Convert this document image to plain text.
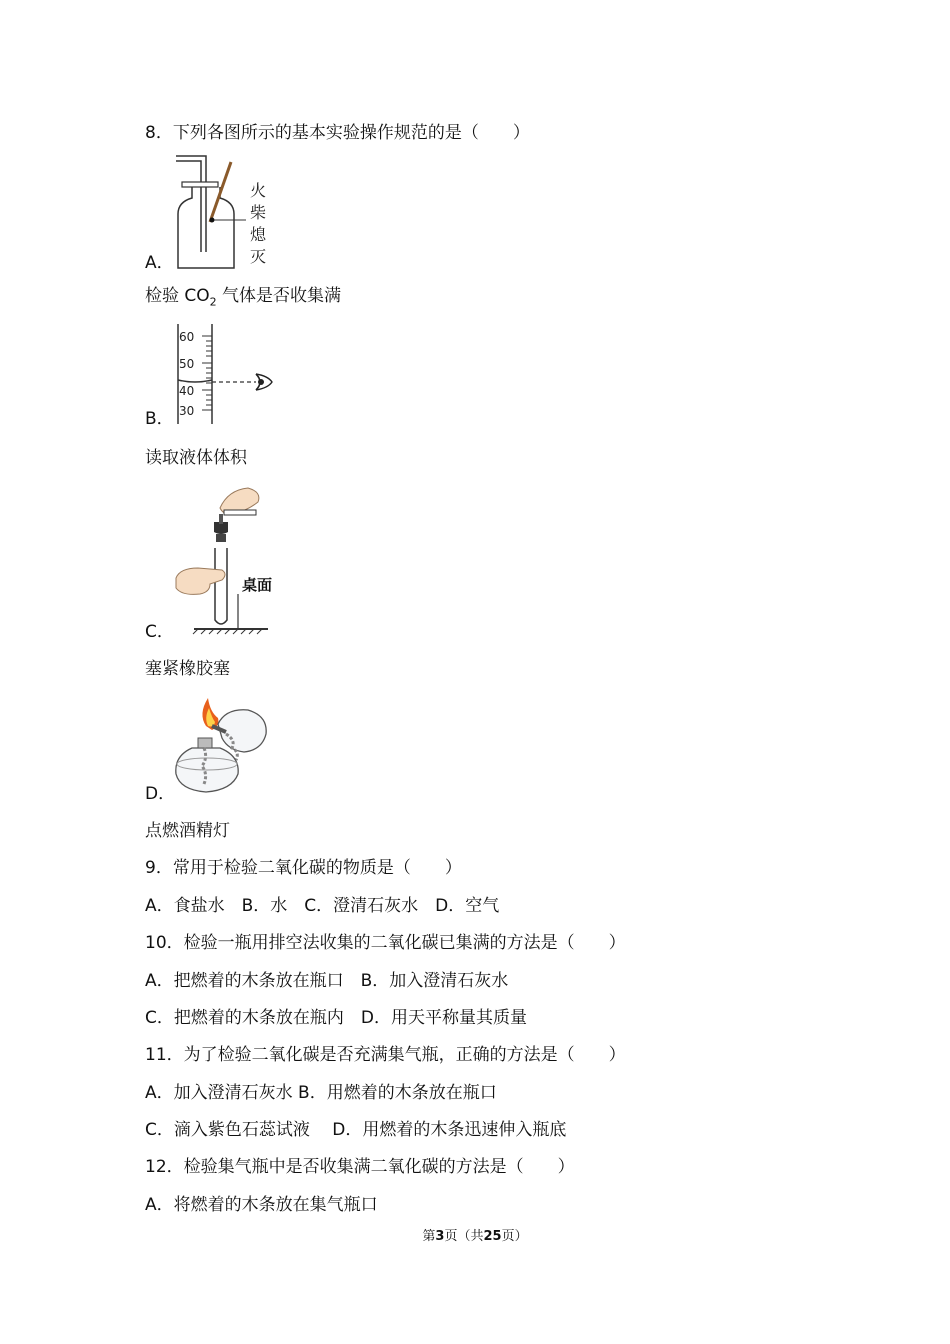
8．下列各图所示的基本实验操作规范的是（　　）
火
柴
熄
灭
A．
检验 $CO_2$ 气体是否收集满
60
50
40
30
B．
读取液体体积
桌面
C．
塞紧橡胶塞
D．
点燃酒精灯
9．常用于检验二氧化碳的物质是（　　）
A．食盐水　B．水　C．澄清石灰水　D．空气
10．检验一瓶用排空法收集的二氧化碳已集满的方法是（　　）
A．把燃着的木条放在瓶口　B．加入澄清石灰水
C．把燃着的木条放在瓶内　D．用天平称量其质量
11．为了检验二氧化碳是否充满集气瓶，正确的方法是（　　）
A．加入澄清石灰水 B．用燃着的木条放在瓶口
C．滴入紫色石蕊试液　 D．用燃着的木条迅速伸入瓶底
12．检验集气瓶中是否收集满二氧化碳的方法是（　　）
A．将燃着的木条放在集气瓶口
第3页（共25页）
